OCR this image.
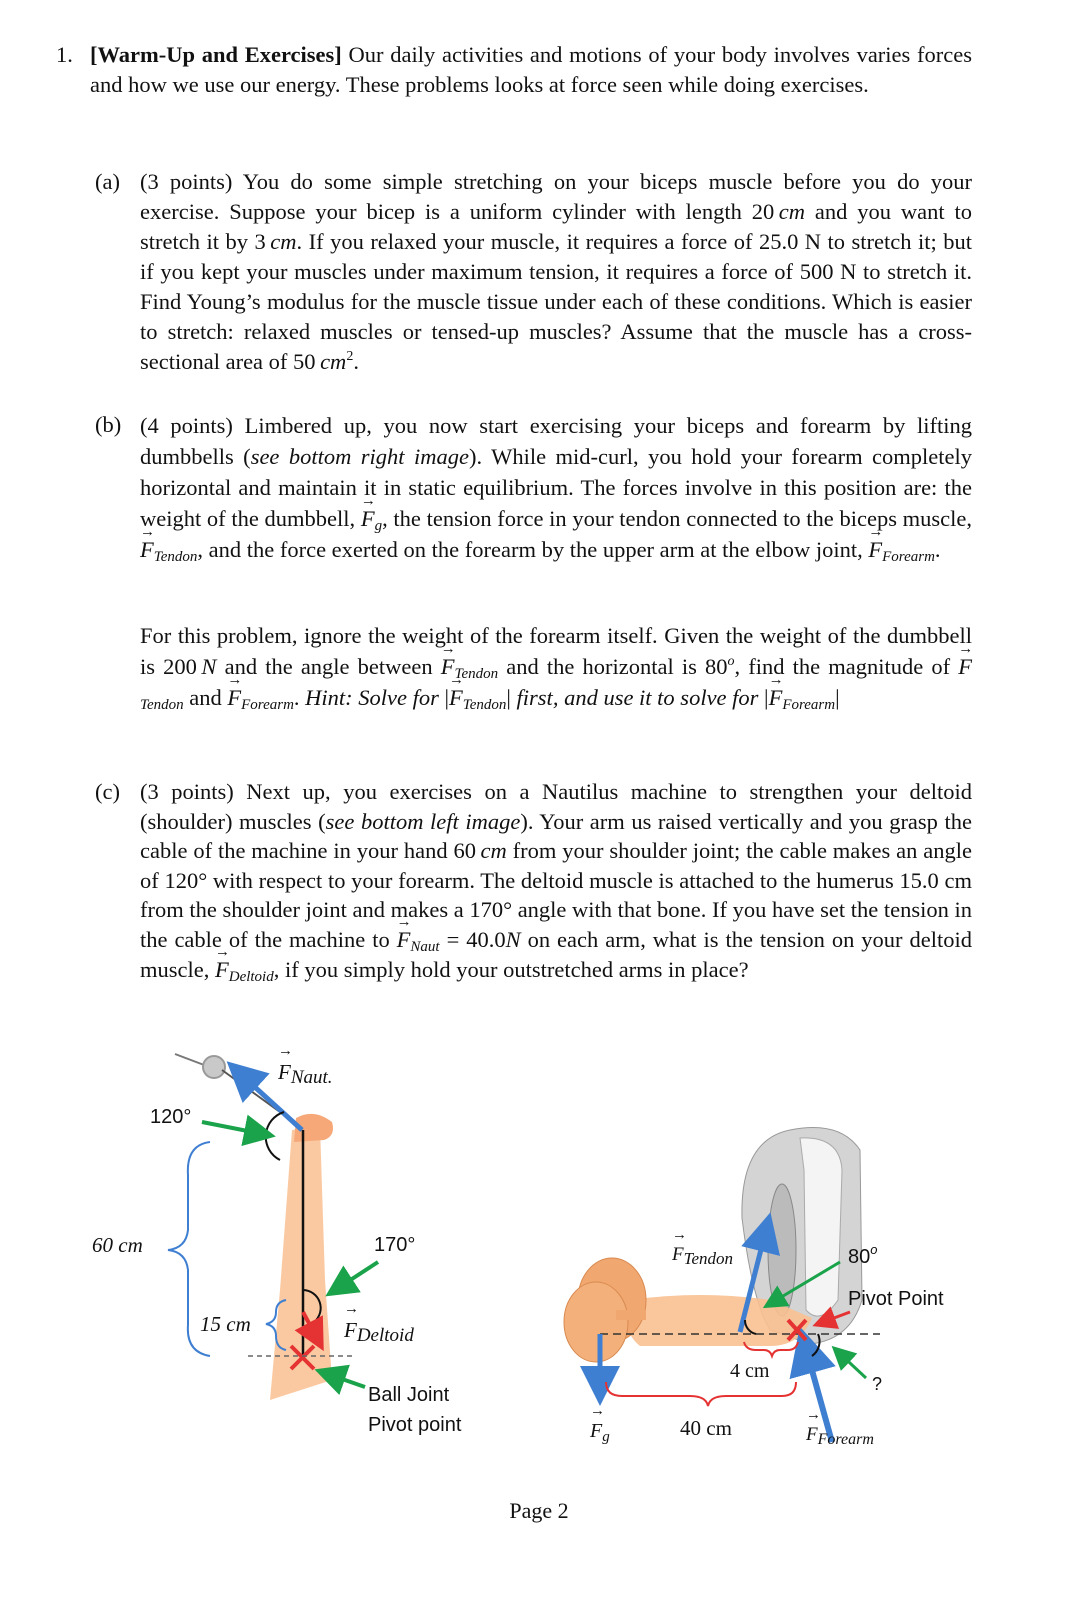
1. [Warm-Up and Exercises] Our daily activities and motions of your body involves varies forces and how we use our energy. These problems looks at force seen while doing exercises.
(a) (3 points) You do some simple stretching on your biceps muscle before you do your exercise. Suppose your bicep is a uniform cylinder with length 20  cm and you want to stretch it by 3  cm. If you relaxed your muscle, it requires a force of 25.0 N to stretch it; but if you kept your muscles under maximum tension, it requires a force of 500 N to stretch it. Find Young’s modulus for the muscle tissue under each of these conditions. Which is easier to stretch: relaxed muscles or tensed-up muscles? Assume that the muscle has a cross-sectional area of 50  $cm^2$.
(b) (4 points) Limbered up, you now start exercising your biceps and forearm by lifting dumbbells (see bottom right image). While mid-curl, you hold your forearm completely horizontal and maintain it in static equilibrium. The forces involve in this position are: the weight of the dumbbell, → $F_g$, the tension force in your tendon connected to the biceps muscle, → $F_{Tendon}$, and the force exerted on the forearm by the upper arm at the elbow joint, → $F_{Forearm}$.
For this problem, ignore the weight of the forearm itself. Given the weight of the dumbbell is 200  N and the angle between → $F_{Tendon}$ and the horizontal is 80$^o$, find the magnitude of → $F_{Tendon}$ and → $F_{Forearm}$. Hint: Solve for |→ $F_{Tendon}|$ first, and use it to solve for |→ $F_{Forearm}|$
(c) (3 points) Next up, you exercises on a Nautilus machine to strengthen your deltoid (shoulder) muscles (see bottom left image). Your arm us raised vertically and you grasp the cable of the machine in your hand 60  cm from your shoulder joint; the cable makes an angle of 120° with respect to your forearm. The deltoid muscle is attached to the humerus 15.0 cm from the shoulder joint and makes a 170° angle with that bone. If you have set the tension in the cable of the machine to → $F_{Naut} = 40.0N$ on each arm, what is the tension on your deltoid muscle, → $F_{Deltoid}$, if you simply hold your outstretched arms in place?
→ $F_{Naut.}$
120°
60 cm	170°
15 cm	→ $F_{Deltoid}$
Ball Joint
Pivot point
→ $F_{Tendon}$	80$^o$
Pivot Point
4 cm
?
→ $F_g$	40 cm	→ $F_{Forearm}$
Page 2
